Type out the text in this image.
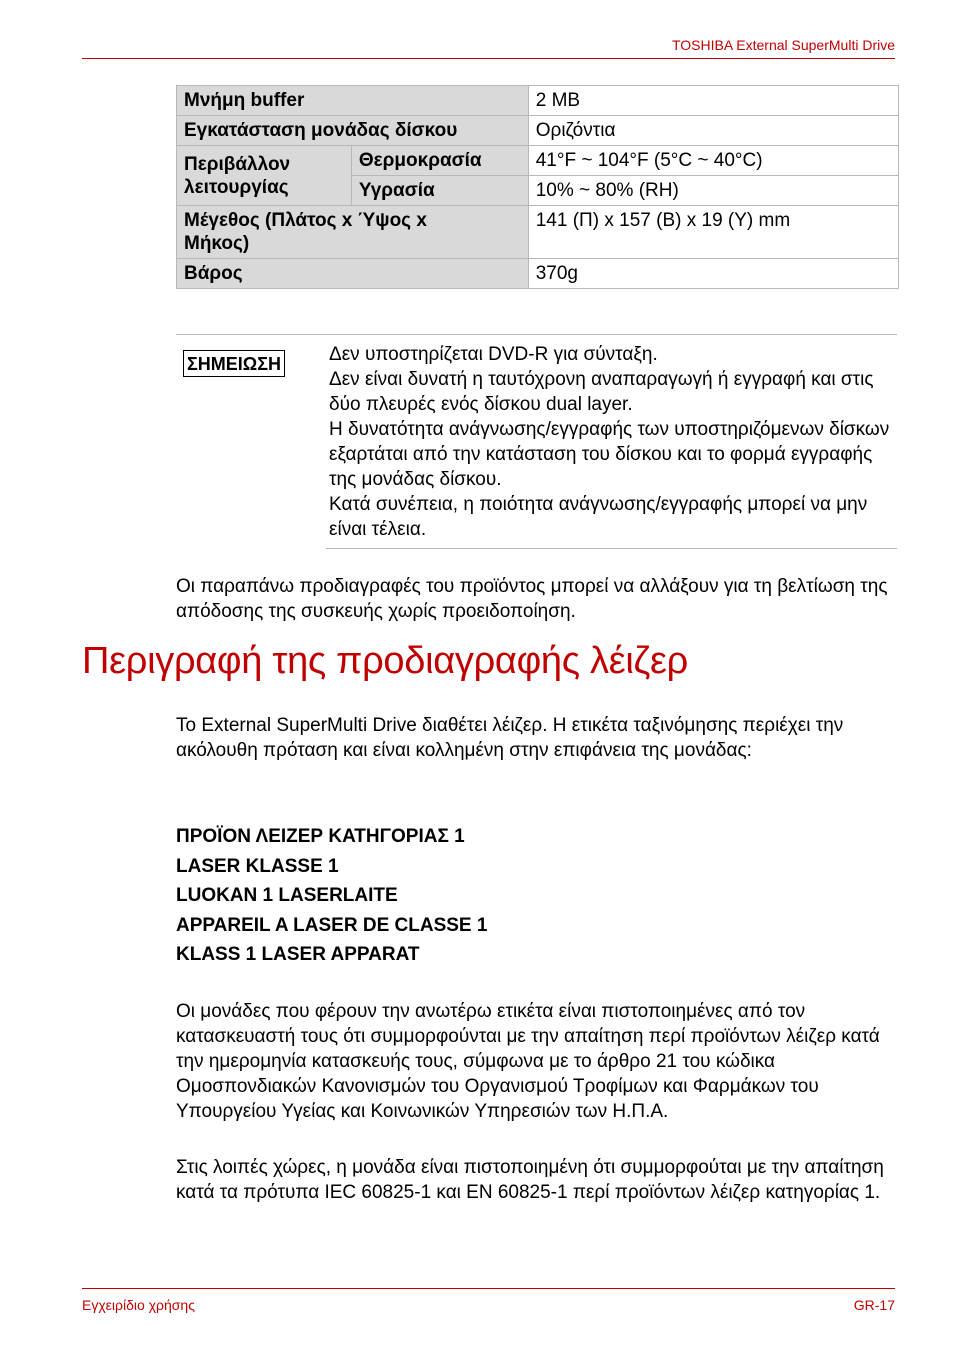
TOSHIBA External SuperMulti Drive
Μνήμη buffer		2 MB
Εγκατάσταση μονάδας δίσκου		Οριζόντια
Περιβάλλον λειτουργίας	Θερμοκρασία	41°F ~ 104°F (5°C ~ 40°C)
	Υγρασία	10% ~ 80% (RH)
Μέγεθος (Πλάτος x Ύψος x Μήκος)		141 (Π) x 157 (Β) x 19 (Υ) mm
Βάρος		370g
ΣΗΜΕΙΩΣΗ	Δεν υποστηρίζεται DVD-R για σύνταξη.

Δεν είναι δυνατή η ταυτόχρονη αναπαραγωγή ή εγγραφή και στις δύο πλευρές ενός δίσκου dual layer.

Η δυνατότητα ανάγνωσης/εγγραφής των υποστηριζόμενων δίσκων εξαρτάται από την κατάσταση του δίσκου και το φορμά εγγραφής της μονάδας δίσκου.

Κατά συνέπεια, η ποιότητα ανάγνωσης/εγγραφής μπορεί να μην είναι τέλεια.

Οι παραπάνω προδιαγραφές του προϊόντος μπορεί να αλλάξουν για τη βελτίωση της απόδοσης της συσκευής χωρίς προειδοποίηση.

Περιγραφή της προδιαγραφής λέιζερ

Το External SuperMulti Drive διαθέτει λέιζερ. Η ετικέτα ταξινόμησης περιέχει την ακόλουθη πρόταση και είναι κολλημένη στην επιφάνεια της μονάδας:

ΠΡΟΪΟΝ ΛΕΙΖΕΡ ΚΑΤΗΓΟΡΙΑΣ 1
LASER KLASSE 1
LUOKAN 1 LASERLAITE
APPAREIL A LASER DE CLASSE 1
KLASS 1 LASER APPARAT

Οι μονάδες που φέρουν την ανωτέρω ετικέτα είναι πιστοποιημένες από τον κατασκευαστή τους ότι συμμορφούνται με την απαίτηση περί προϊόντων λέιζερ κατά την ημερομηνία κατασκευής τους, σύμφωνα με το άρθρο 21 του κώδικα Ομοσπονδιακών Κανονισμών του Οργανισμού Τροφίμων και Φαρμάκων του Υπουργείου Υγείας και Κοινωνικών Υπηρεσιών των Η.Π.Α.

Στις λοιπές χώρες, η μονάδα είναι πιστοποιημένη ότι συμμορφούται με την απαίτηση κατά τα πρότυπα IEC 60825-1 και EN 60825-1 περί προϊόντων λέιζερ κατηγορίας 1.

Εγχειρίδιο χρήσης	GR-17
